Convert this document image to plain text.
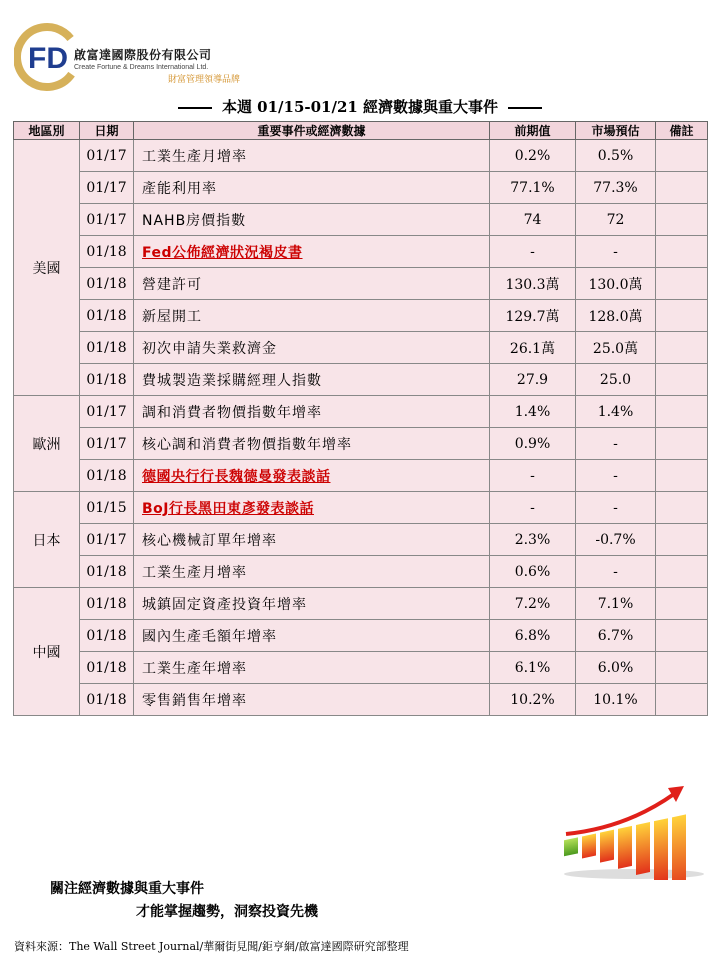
FD 啟富達國際股份有限公司
Create Fortune & Dreams International Ltd.
財富管理領導品牌
本週 01/15-01/21 經濟數據與重大事件
地區別	日期	重要事件或經濟數據	前期值	市場預估	備註
美國	01/17	工業生產月增率	0.2%	0.5%	
	01/17	產能利用率	77.1%	77.3%	
	01/17	NAHB房價指數	74	72	
	01/18	Fed公佈經濟狀況褐皮書	-	-	
	01/18	營建許可	130.3萬	130.0萬	
	01/18	新屋開工	129.7萬	128.0萬	
	01/18	初次申請失業救濟金	26.1萬	25.0萬	
	01/18	費城製造業採購經理人指數	27.9	25.0	
歐洲	01/17	調和消費者物價指數年增率	1.4%	1.4%	
	01/17	核心調和消費者物價指數年增率	0.9%	-	
	01/18	德國央行行長魏德曼發表談話	-	-	
日本	01/15	BoJ行長黑田東彥發表談話	-	-	
	01/17	核心機械訂單年增率	2.3%	-0.7%	
	01/18	工業生產月增率	0.6%	-	
中國	01/18	城鎮固定資產投資年增率	7.2%	7.1%	
	01/18	國內生產毛額年增率	6.8%	6.7%	
	01/18	工業生產年增率	6.1%	6.0%	
	01/18	零售銷售年增率	10.2%	10.1%	
關注經濟數據與重大事件
才能掌握趨勢，洞察投資先機
資料來源：The Wall Street Journal/華爾街見聞/鉅亨網/啟富達國際研究部整理
